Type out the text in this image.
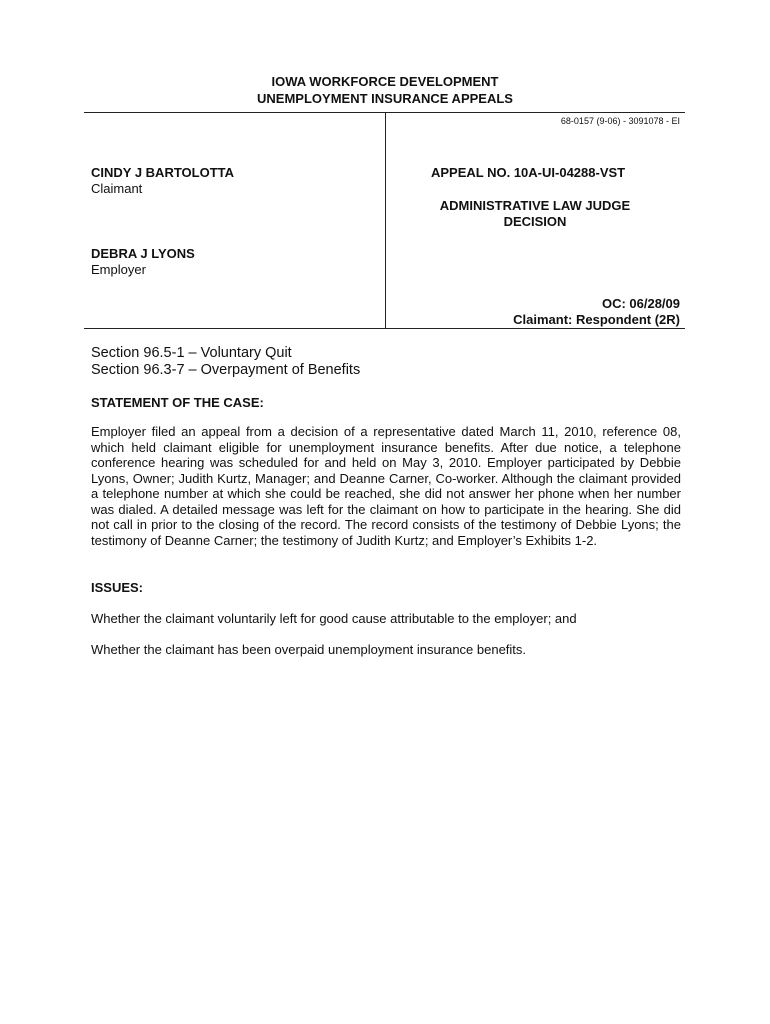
IOWA WORKFORCE DEVELOPMENT
UNEMPLOYMENT INSURANCE APPEALS
68-0157 (9-06) - 3091078 - EI
CINDY J BARTOLOTTA
Claimant
DEBRA J LYONS
Employer
APPEAL NO. 10A-UI-04288-VST
ADMINISTRATIVE LAW JUDGE
DECISION
OC: 06/28/09
Claimant: Respondent (2R)
Section 96.5-1 – Voluntary Quit
Section 96.3-7 – Overpayment of Benefits
STATEMENT OF THE CASE:
Employer filed an appeal from a decision of a representative dated March 11, 2010, reference 08, which held claimant eligible for unemployment insurance benefits. After due notice, a telephone conference hearing was scheduled for and held on May 3, 2010. Employer participated by Debbie Lyons, Owner; Judith Kurtz, Manager; and Deanne Carner, Co-worker. Although the claimant provided a telephone number at which she could be reached, she did not answer her phone when her number was dialed. A detailed message was left for the claimant on how to participate in the hearing. She did not call in prior to the closing of the record. The record consists of the testimony of Debbie Lyons; the testimony of Deanne Carner; the testimony of Judith Kurtz; and Employer’s Exhibits 1-2.
ISSUES:
Whether the claimant voluntarily left for good cause attributable to the employer; and
Whether the claimant has been overpaid unemployment insurance benefits.
